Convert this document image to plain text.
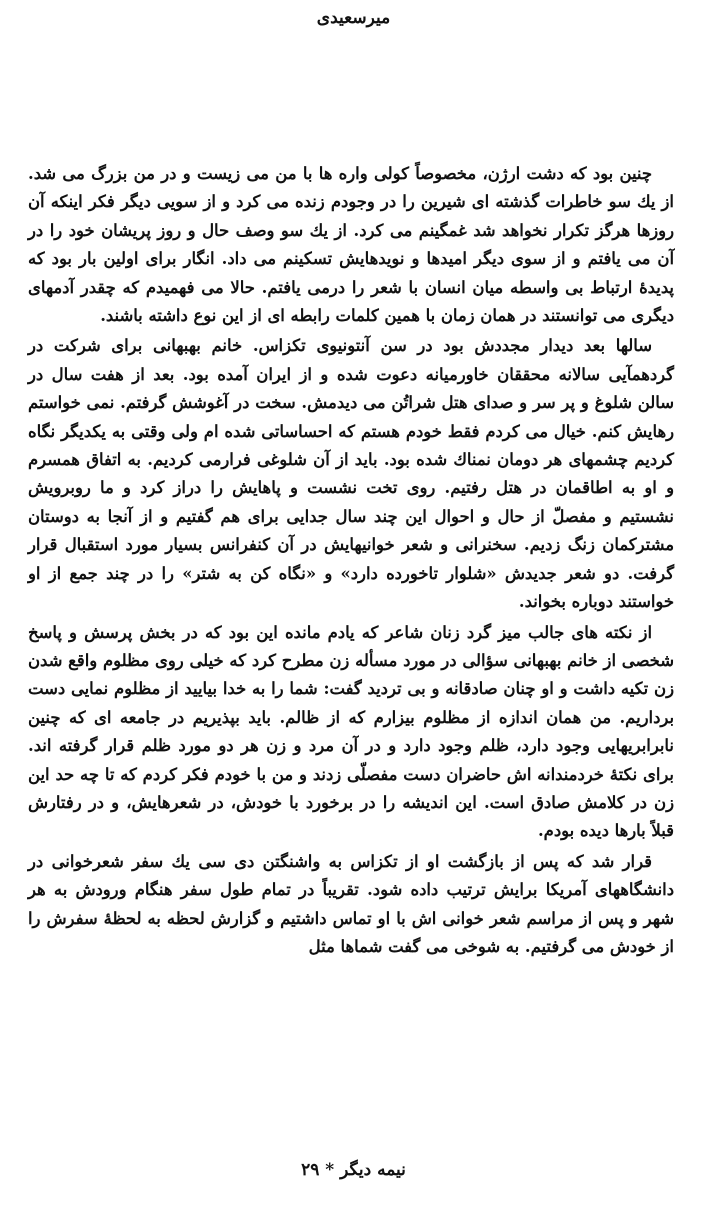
میرسعیدی

چنین بود که دشت ارژن، مخصوصاً کولی واره ها با من می زیست و در من بزرگ می شد. از یك سو خاطرات گذشته ای شیرین را در وجودم زنده می کرد و از سویی دیگر فکر اینکه آن روزها هرگز تکرار نخواهد شد غمگینم می کرد. از یك سو وصف حال و روز پریشان خود را در آن می یافتم و از سوی دیگر امیدها و نویدهایش تسکینم می داد. انگار برای اولین بار بود که پدیدهٔ ارتباط بی واسطه میان انسان با شعر را درمی یافتم. حالا می فهمیدم که چقدر آدمهای دیگری می توانستند در همان زمان با همین کلمات رابطه ای از این نوع داشته باشند.

سالها بعد دیدار مجددش بود در سن آنتونیوی تکزاس. خانم بهبهانی برای شرکت در گردهمآیی سالانه محققان خاورمیانه دعوت شده و از ایران آمده بود. بعد از هفت سال در سالن شلوغ و پر سر و صدای هتل شراتُن می دیدمش. سخت در آغوشش گرفتم. نمی خواستم رهایش کنم. خیال می کردم فقط خودم هستم که احساساتی شده ام ولی وقتی به یکدیگر نگاه کردیم چشمهای هر دومان نمناك شده بود. باید از آن شلوغی فرارمی کردیم. به اتفاق همسرم و او به اطاقمان در هتل رفتیم. روی تخت نشست و پاهایش را دراز کرد و ما روبرویش نشستیم و مفصلّ از حال و احوال این چند سال جدایی برای هم گفتیم و از آنجا به دوستان مشترکمان زنگ زدیم. سخنرانی و شعر خوانیهایش در آن کنفرانس بسیار مورد استقبال قرار گرفت. دو شعر جدیدش «شلوار تاخورده دارد» و «نگاه کن به شتر» را در چند جمع از او خواستند دوباره بخواند.

از نکته های جالب میز گرد زنان شاعر که یادم مانده این بود که در بخش پرسش و پاسخ شخصی از خانم بهبهانی سؤالی در مورد مسأله زن مطرح کرد که خیلی روی مظلوم واقع شدن زن تکیه داشت و او چنان صادقانه و بی تردید گفت: شما را به خدا بیایید از مظلوم نمایی دست برداریم. من همان اندازه از مظلوم بیزارم که از ظالم. باید بپذیریم در جامعه ای که چنین نابرابریهایی وجود دارد، ظلم وجود دارد و در آن مرد و زن هر دو مورد ظلم قرار گرفته اند. برای نکتهٔ خردمندانه اش حاضران دست مفصلّی زدند و من با خودم فکر کردم که تا چه حد این زن در کلامش صادق است. این اندیشه را در برخورد با خودش، در شعرهایش، و در رفتارش قبلاً بارها دیده بودم.

قرار شد که پس از بازگشت او از تکزاس به واشنگتن دی سی یك سفر شعرخوانی در دانشگاههای آمریکا برایش ترتیب داده شود. تقریباً در تمام طول سفر هنگام ورودش به هر شهر و پس از مراسم شعر خوانی اش با او تماس داشتیم و گزارش لحظه به لحظهٔ سفرش را از خودش می گرفتیم. به شوخی می گفت شماها مثل

نیمه دیگر * ۲۹
